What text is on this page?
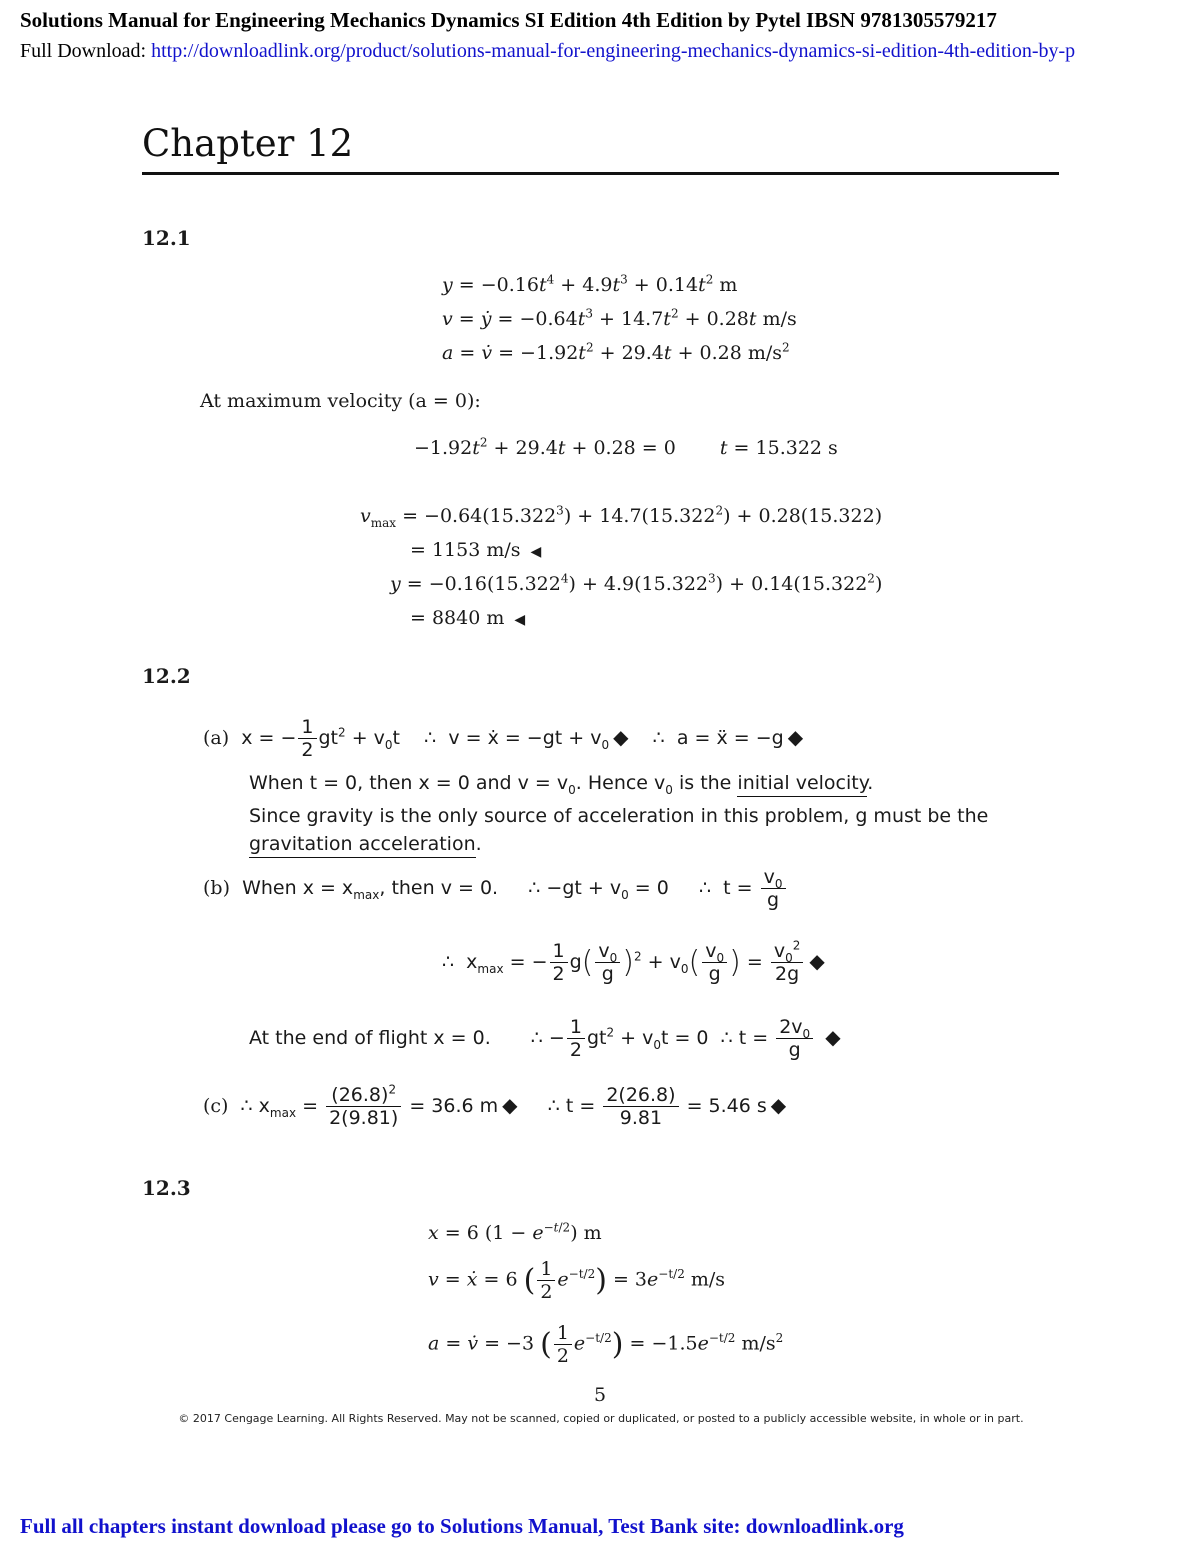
Solutions Manual for Engineering Mechanics Dynamics SI Edition 4th Edition by Pytel IBSN 9781305579217
Full Download: http://downloadlink.org/product/solutions-manual-for-engineering-mechanics-dynamics-si-edition-4th-edition-by-p
Chapter 12
12.1
$y = -0.16t^4 + 4.9t^3 + 0.14t^2$ m
v = ẏ = $-0.64t^3 + 14.7t^2 + 0.28t$ m/s
a = v̇ = $-1.92t^2 + 29.4t + 0.28$ $m/s^2$
At maximum velocity (a = 0):
$-1.92t^2 + 29.4t + 0.28 = 0$ t = 15.322 s
$v_{max} = -0.64(15.322^3) + 14.7(15.322^2) + 0.28(15.322)$
= 1153 m/s ◀
$y = -0.16(15.322^4) + 4.9(15.322^3) + 0.14(15.322^2)$
= 8840 m ◀
12.2
(a)  x = − $\frac{1}{2} gt^2 + v_0t$    ∴  v = ẋ = $-gt + v_0$ ◆    ∴  a = ẍ = −g ◆
When t = 0, then x = 0 and $v = v_0$. Hence $v_0$ is the initial velocity.
Since gravity is the only source of acceleration in this problem, g must be the
gravitation acceleration.
(b) When $x = x_{max}$, then v = 0.     ∴ $-gt + v_0 = 0$     ∴  $t = \frac{v_0}{g}$
∴  $x_{max}$ = − $\frac{1}{2} g( \frac{v_0}{g} )^2 + v_0( \frac{v_0}{g}$ ) = $\frac{v_0^2}{2g}$ ◆
At the end of flight x = 0. ∴ − $\frac{1}{2} gt^2 + v_0t = 0$  ∴ $t = \frac{2v_0}{g}$ ◆
(c)  ∴ $x_{max} = \frac{(26.8)^2}{2(9.81)} = 36.6$ m ◆     ∴ $t = \frac{2(26.8)}{9.81} = 5.46$ s ◆
12.3
x = 6 $(1 - e^{-t/2})$ m
v = ẋ = 6 ( $\frac{1}{2} e^{-t/2}) = 3e^{-t/2}$ m/s
a = v̇ = −3 ( $\frac{1}{2} e^{-t/2}) = -1.5e^{-t/2}$ $m/s^2$
5
© 2017 Cengage Learning. All Rights Reserved. May not be scanned, copied or duplicated, or posted to a publicly accessible website, in whole or in part.
Full all chapters instant download please go to Solutions Manual, Test Bank site: downloadlink.org
